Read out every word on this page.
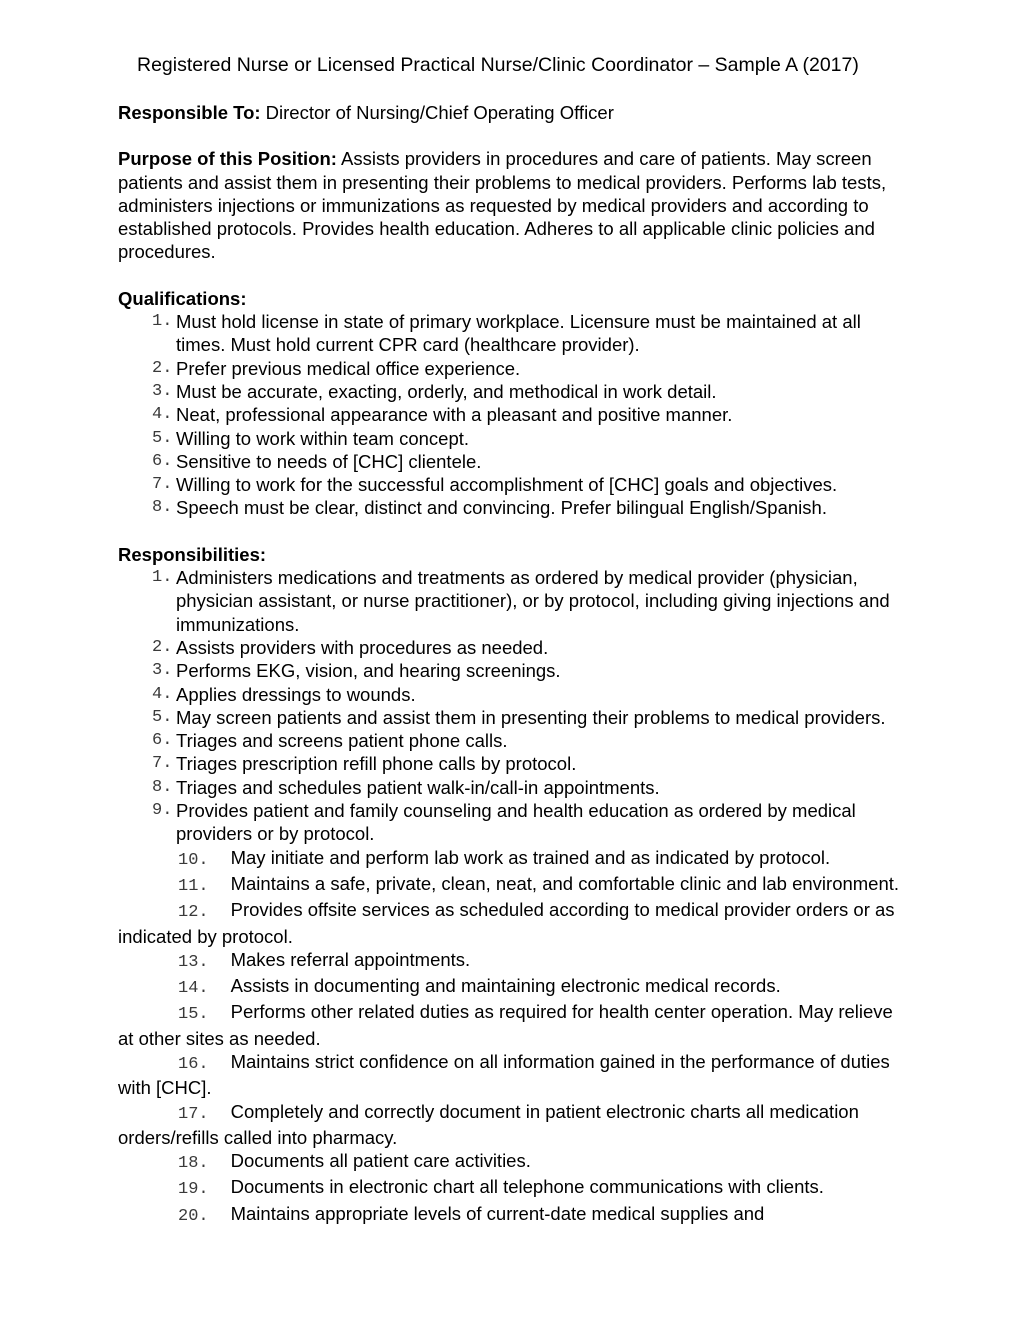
Registered Nurse or Licensed Practical Nurse/Clinic Coordinator – Sample A (2017)

Responsible To: Director of Nursing/Chief Operating Officer

Purpose of this Position: Assists providers in procedures and care of patients. May screen patients and assist them in presenting their problems to medical providers. Performs lab tests, administers injections or immunizations as requested by medical providers and according to established protocols. Provides health education. Adheres to all applicable clinic policies and procedures.

Qualifications:

1. Must hold license in state of primary workplace. Licensure must be maintained at all times. Must hold current CPR card (healthcare provider).
2. Prefer previous medical office experience.
3. Must be accurate, exacting, orderly, and methodical in work detail.
4. Neat, professional appearance with a pleasant and positive manner.
5. Willing to work within team concept.
6. Sensitive to needs of [CHC] clientele.
7. Willing to work for the successful accomplishment of [CHC] goals and objectives.
8. Speech must be clear, distinct and convincing. Prefer bilingual English/Spanish.

Responsibilities:

1. Administers medications and treatments as ordered by medical provider (physician, physician assistant, or nurse practitioner), or by protocol, including giving injections and immunizations.
2. Assists providers with procedures as needed.
3. Performs EKG, vision, and hearing screenings.
4. Applies dressings to wounds.
5. May screen patients and assist them in presenting their problems to medical providers.
6. Triages and screens patient phone calls.
7. Triages prescription refill phone calls by protocol.
8. Triages and schedules patient walk-in/call-in appointments.
9. Provides patient and family counseling and health education as ordered by medical providers or by protocol.
10. May initiate and perform lab work as trained and as indicated by protocol.
11. Maintains a safe, private, clean, neat, and comfortable clinic and lab environment.
12. Provides offsite services as scheduled according to medical provider orders or as indicated by protocol.
13. Makes referral appointments.
14. Assists in documenting and maintaining electronic medical records.
15. Performs other related duties as required for health center operation. May relieve at other sites as needed.
16. Maintains strict confidence on all information gained in the performance of duties with [CHC].
17. Completely and correctly document in patient electronic charts all medication orders/refills called into pharmacy.
18. Documents all patient care activities.
19. Documents in electronic chart all telephone communications with clients.
20. Maintains appropriate levels of current-date medical supplies and
